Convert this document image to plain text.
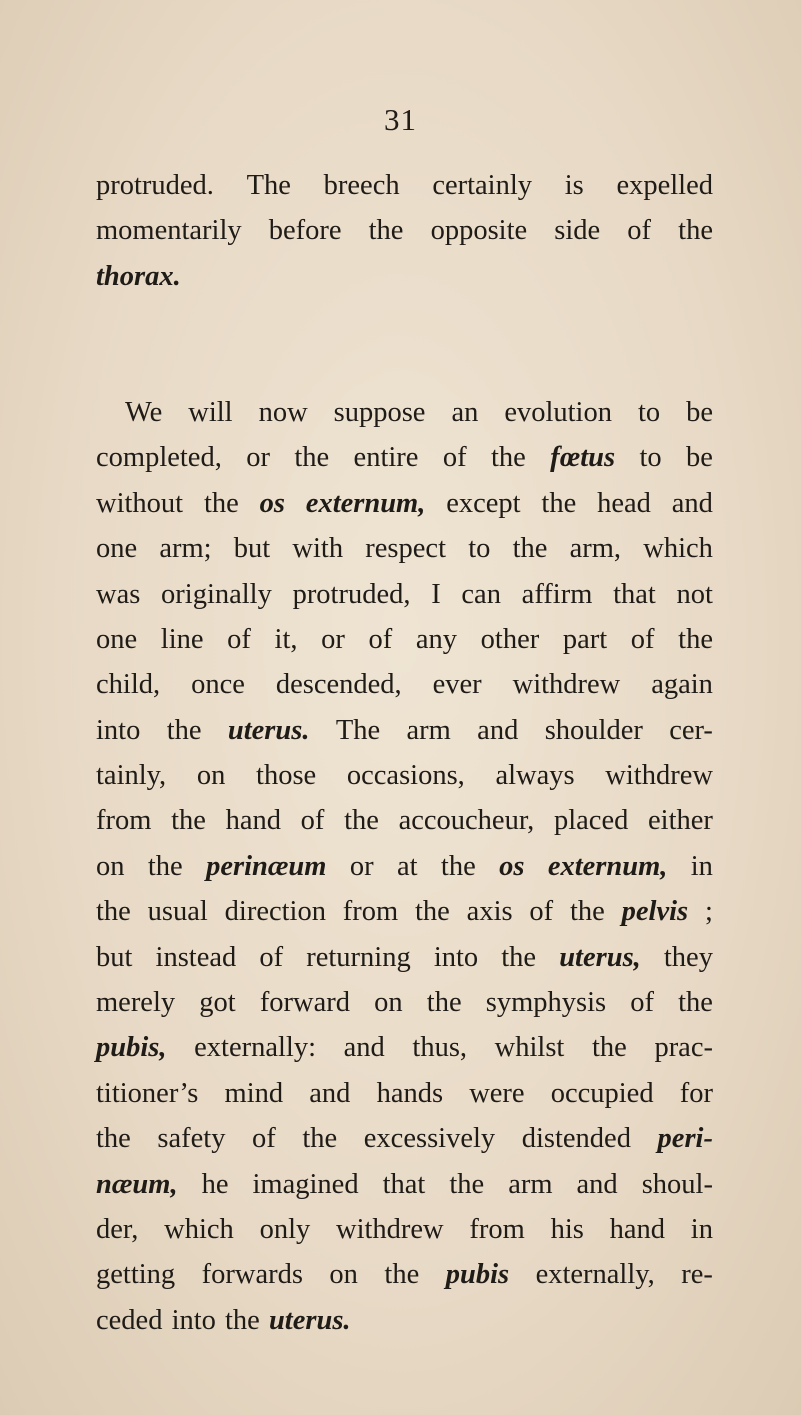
31
protruded. The breech certainly is expelled
momentarily before the opposite side of the
thorax.
We will now suppose an evolution to be
completed, or the entire of the fœtus to be
without the os externum, except the head and
one arm; but with respect to the arm, which
was originally protruded, I can affirm that not
one line of it, or of any other part of the
child, once descended, ever withdrew again
into the uterus. The arm and shoulder cer-
tainly, on those occasions, always withdrew
from the hand of the accoucheur, placed either
on the perinæum or at the os externum, in
the usual direction from the axis of the pelvis ;
but instead of returning into the uterus, they
merely got forward on the symphysis of the
pubis, externally: and thus, whilst the prac-
titioner’s mind and hands were occupied for
the safety of the excessively distended peri-
næum, he imagined that the arm and shoul-
der, which only withdrew from his hand in
getting forwards on the pubis externally, re-
ceded into the uterus.
